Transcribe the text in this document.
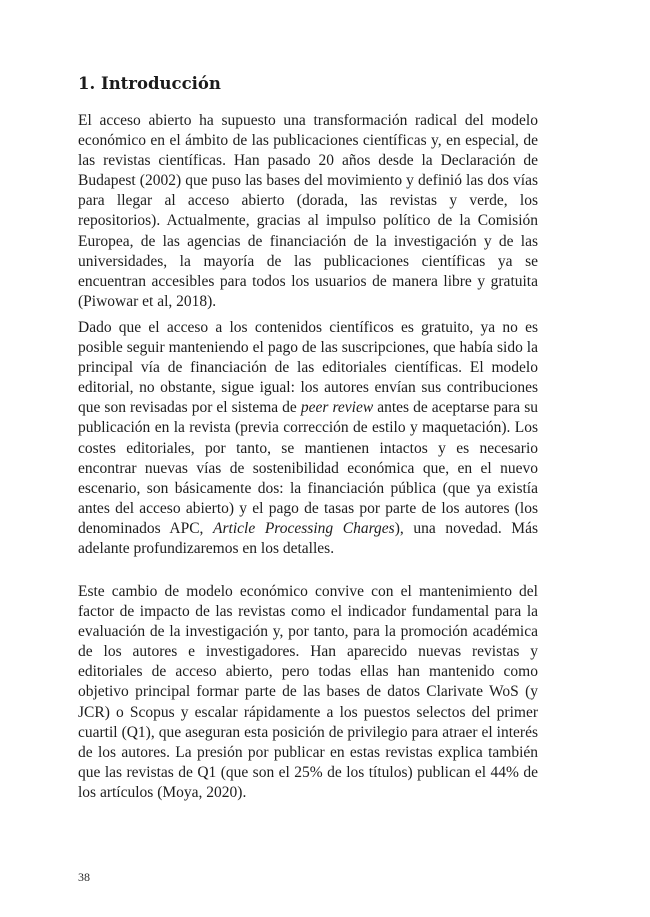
1. Introducción

El acceso abierto ha supuesto una transformación radical del modelo económico en el ámbito de las publicaciones científicas y, en especial, de las revistas científicas. Han pasado 20 años desde la Declaración de Budapest (2002) que puso las bases del movimiento y definió las dos vías para llegar al acceso abierto (dorada, las revistas y verde, los repositorios). Actualmente, gracias al impulso político de la Comisión Europea, de las agencias de financiación de la investigación y de las universidades, la mayoría de las publicaciones científicas ya se encuentran accesibles para todos los usuarios de manera libre y gratuita (Piwowar et al, 2018).

Dado que el acceso a los contenidos científicos es gratuito, ya no es posible seguir manteniendo el pago de las suscripciones, que había sido la principal vía de financiación de las editoriales científicas. El modelo editorial, no obstante, sigue igual: los autores envían sus contribuciones que son revisadas por el sistema de peer review antes de aceptarse para su publicación en la revista (previa corrección de estilo y maquetación). Los costes editoriales, por tanto, se mantienen intactos y es necesario encontrar nuevas vías de sostenibilidad económica que, en el nuevo escenario, son básicamente dos: la financiación pública (que ya existía antes del acceso abierto) y el pago de tasas por parte de los autores (los denominados APC, Article Processing Charges), una novedad. Más adelante profundizaremos en los detalles.

Este cambio de modelo económico convive con el mantenimiento del factor de impacto de las revistas como el indicador fundamental para la evaluación de la investigación y, por tanto, para la promoción académica de los autores e investigadores. Han aparecido nuevas revistas y editoriales de acceso abierto, pero todas ellas han mantenido como objetivo principal formar parte de las bases de datos Clarivate WoS (y JCR) o Scopus y escalar rápidamente a los puestos selectos del primer cuartil (Q1), que aseguran esta posición de privilegio para atraer el interés de los autores. La presión por publicar en estas revistas explica también que las revistas de Q1 (que son el 25% de los títulos) publican el 44% de los artículos (Moya, 2020).

38
